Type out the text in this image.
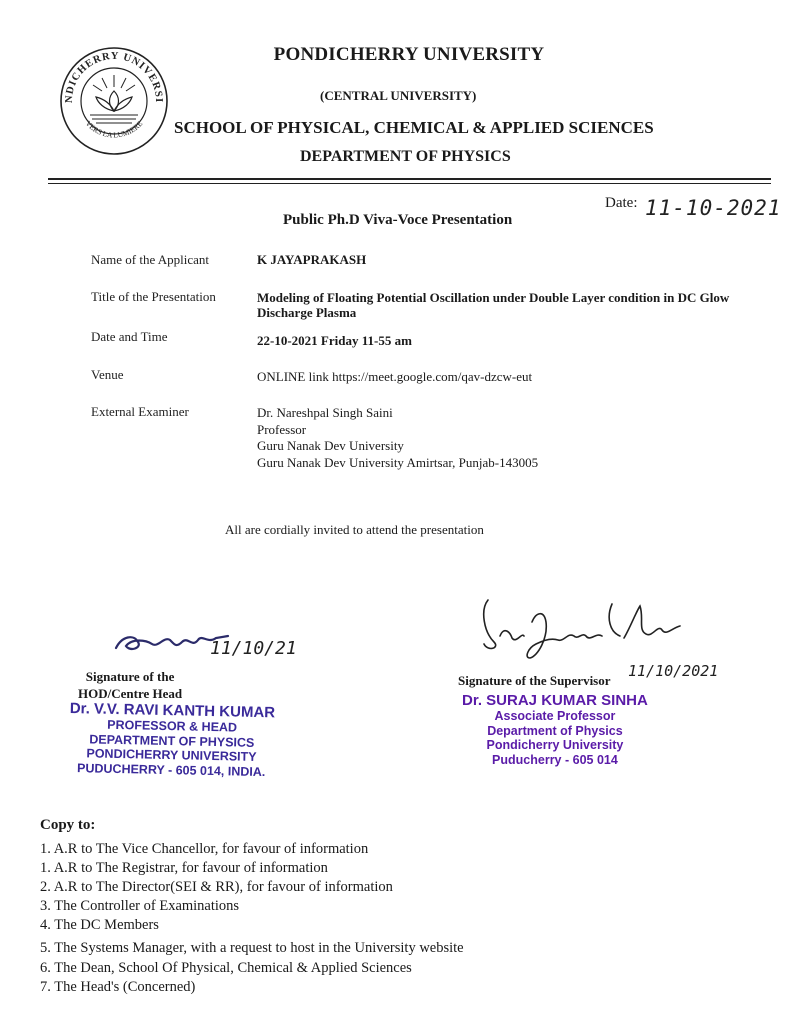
NDICHERRY UNIVERSI
VERS LA LUMIERE
PONDICHERRY UNIVERSITY
(CENTRAL UNIVERSITY)
SCHOOL OF PHYSICAL, CHEMICAL & APPLIED SCIENCES
DEPARTMENT OF PHYSICS
Date: 11-10-2021
Public Ph.D Viva-Voce Presentation
Name of the Applicant	K JAYAPRAKASH
Title of the Presentation	Modeling of Floating Potential Oscillation under Double Layer condition in DC Glow Discharge Plasma
Date and Time	22-10-2021 Friday 11-55 am
Venue	ONLINE link https://meet.google.com/qav-dzcw-eut
External Examiner	Dr. Nareshpal Singh Saini
Professor
Guru Nanak Dev University
Guru Nanak Dev University Amirtsar, Punjab-143005
All are cordially invited to attend the presentation
11/10/21
Signature of the
HOD/Centre Head
Dr. V.V. RAVI KANTH KUMAR
PROFESSOR & HEAD
DEPARTMENT OF PHYSICS
PONDICHERRY UNIVERSITY
PUDUCHERRY - 605 014, INDIA.
Signature of the Supervisor
11/10/2021
Dr. SURAJ KUMAR SINHA
Associate Professor
Department of Physics
Pondicherry University
Puducherry - 605 014
Copy to:
1. A.R to The Vice Chancellor, for favour of information
1. A.R to The Registrar, for favour of information
2. A.R to The Director(SEI & RR), for favour of information
3. The Controller of Examinations
4. The DC Members
5. The Systems Manager, with a request to host in the University website
6. The Dean, School Of Physical, Chemical & Applied Sciences
7. The Head's (Concerned)
